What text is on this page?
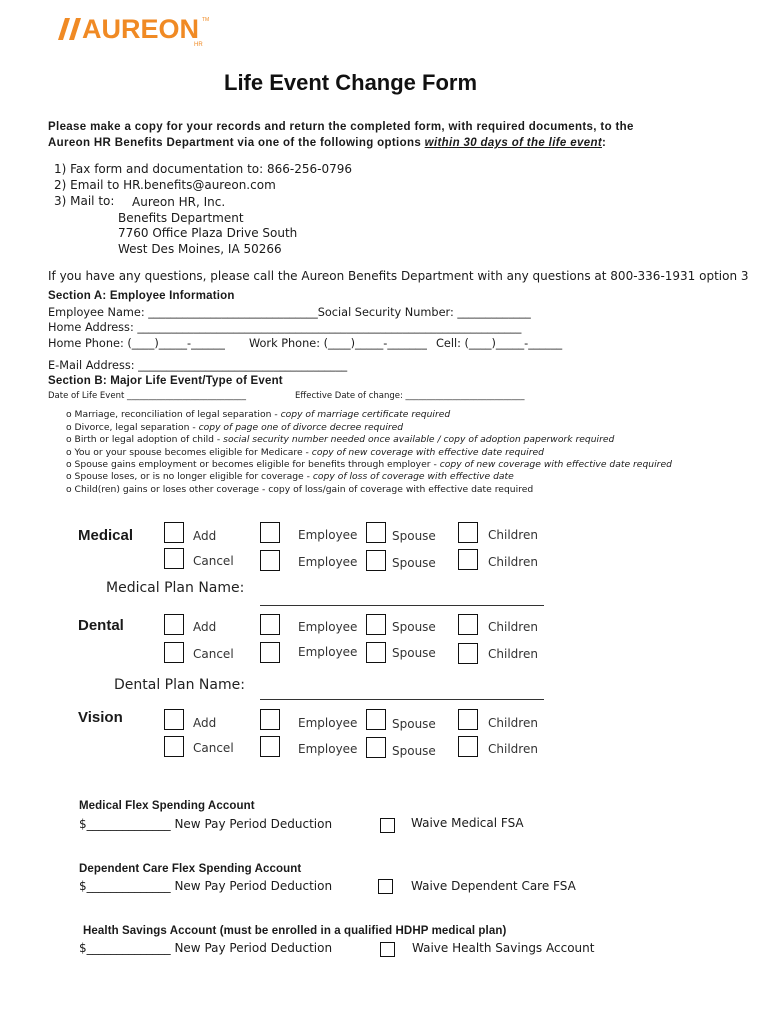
AUREON TM
HR
Life Event Change Form
Please make a copy for your records and return the completed form, with required documents, to the
Aureon HR Benefits Department via one of the following options within 30 days of the life event:
1) Fax form and documentation to: 866-256-0796
2) Email to HR.benefits@aureon.com
3) Mail to: Aureon HR, Inc.
Benefits Department
7760 Office Plaza Drive South
West Des Moines, IA 50266
If you have any questions, please call the Aureon Benefits Department with any questions at 800-336-1931 option 3
Section A: Employee Information
Employee Name: ______________________________Social Security Number: _____________
Home Address: ____________________________________________________________________
Home Phone: (____)_____-______ Work Phone: (____)_____-_______ Cell: (____)_____-______
E-Mail Address: _____________________________________
Section B: Major Life Event/Type of Event
Date of Life Event ____________________________	Effective Date of change: ____________________________
o Marriage, reconciliation of legal separation - copy of marriage certificate required
o Divorce, legal separation - copy of page one of divorce decree required
o Birth or legal adoption of child - social security number needed once available / copy of adoption paperwork required
o You or your spouse becomes eligible for Medicare - copy of new coverage with effective date required
o Spouse gains employment or becomes eligible for benefits through employer - copy of new coverage with effective date required
o Spouse loses, or is no longer eligible for coverage - copy of loss of coverage with effective date
o Child(ren) gains or loses other coverage - copy of loss/gain of coverage with effective date required
Medical	Add	Employee	Spouse	Children
Cancel	Employee	Spouse	Children
Medical Plan Name:
Dental	Add	Employee	Spouse	Children
Cancel	Employee	Spouse	Children
Dental Plan Name:
Vision	Add	Employee	Spouse	Children
Cancel	Employee	Spouse	Children
Medical Flex Spending Account
$______________ New Pay Period Deduction	Waive Medical FSA
Dependent Care Flex Spending Account
$______________ New Pay Period Deduction	Waive Dependent Care FSA
Health Savings Account (must be enrolled in a qualified HDHP medical plan)
$______________ New Pay Period Deduction	Waive Health Savings Account
